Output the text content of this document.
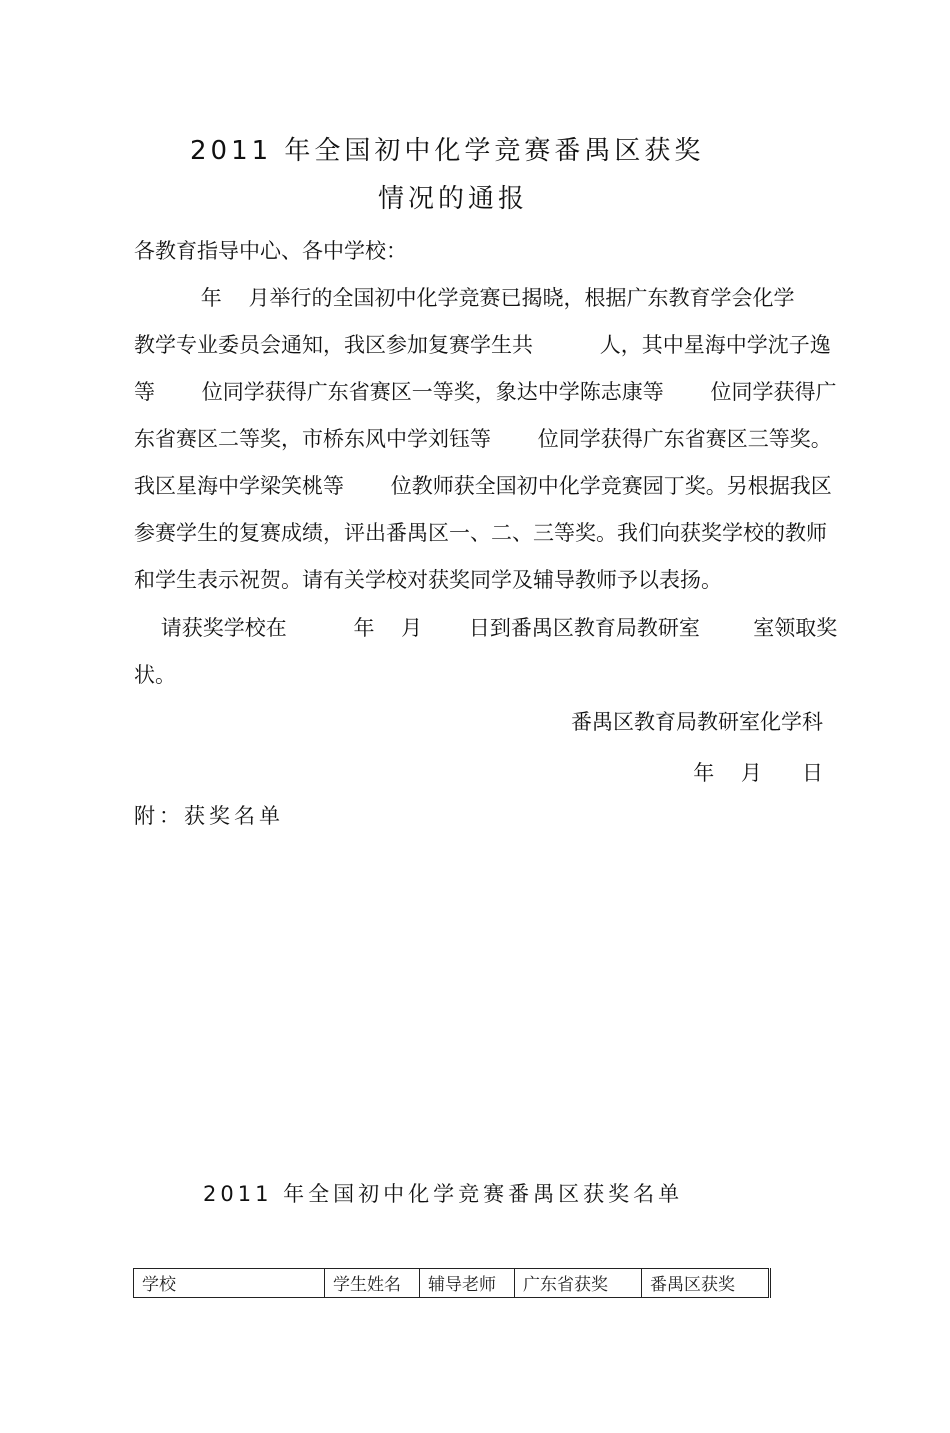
2011 年全国初中化学竞赛番禺区获奖
情况的通报
各教育指导中心、各中学校：
年    月举行的全国初中化学竞赛已揭晓，根据广东教育学会化学
教学专业委员会通知，我区参加复赛学生共          人，其中星海中学沈子逸
等       位同学获得广东省赛区一等奖，象达中学陈志康等       位同学获得广
东省赛区二等奖，市桥东风中学刘钰等       位同学获得广东省赛区三等奖。
我区星海中学梁笑桃等       位教师获全国初中化学竞赛园丁奖。另根据我区
参赛学生的复赛成绩，评出番禺区一、二、三等奖。我们向获奖学校的教师
和学生表示祝贺。请有关学校对获奖同学及辅导教师予以表扬。
请获奖学校在          年    月       日到番禺区教育局教研室        室领取奖
状。
番禺区教育局教研室化学科
年    月      日
附：获奖名单
2011 年全国初中化学竞赛番禺区获奖名单
学校	学生姓名	辅导老师	广东省获奖	番禺区获奖
